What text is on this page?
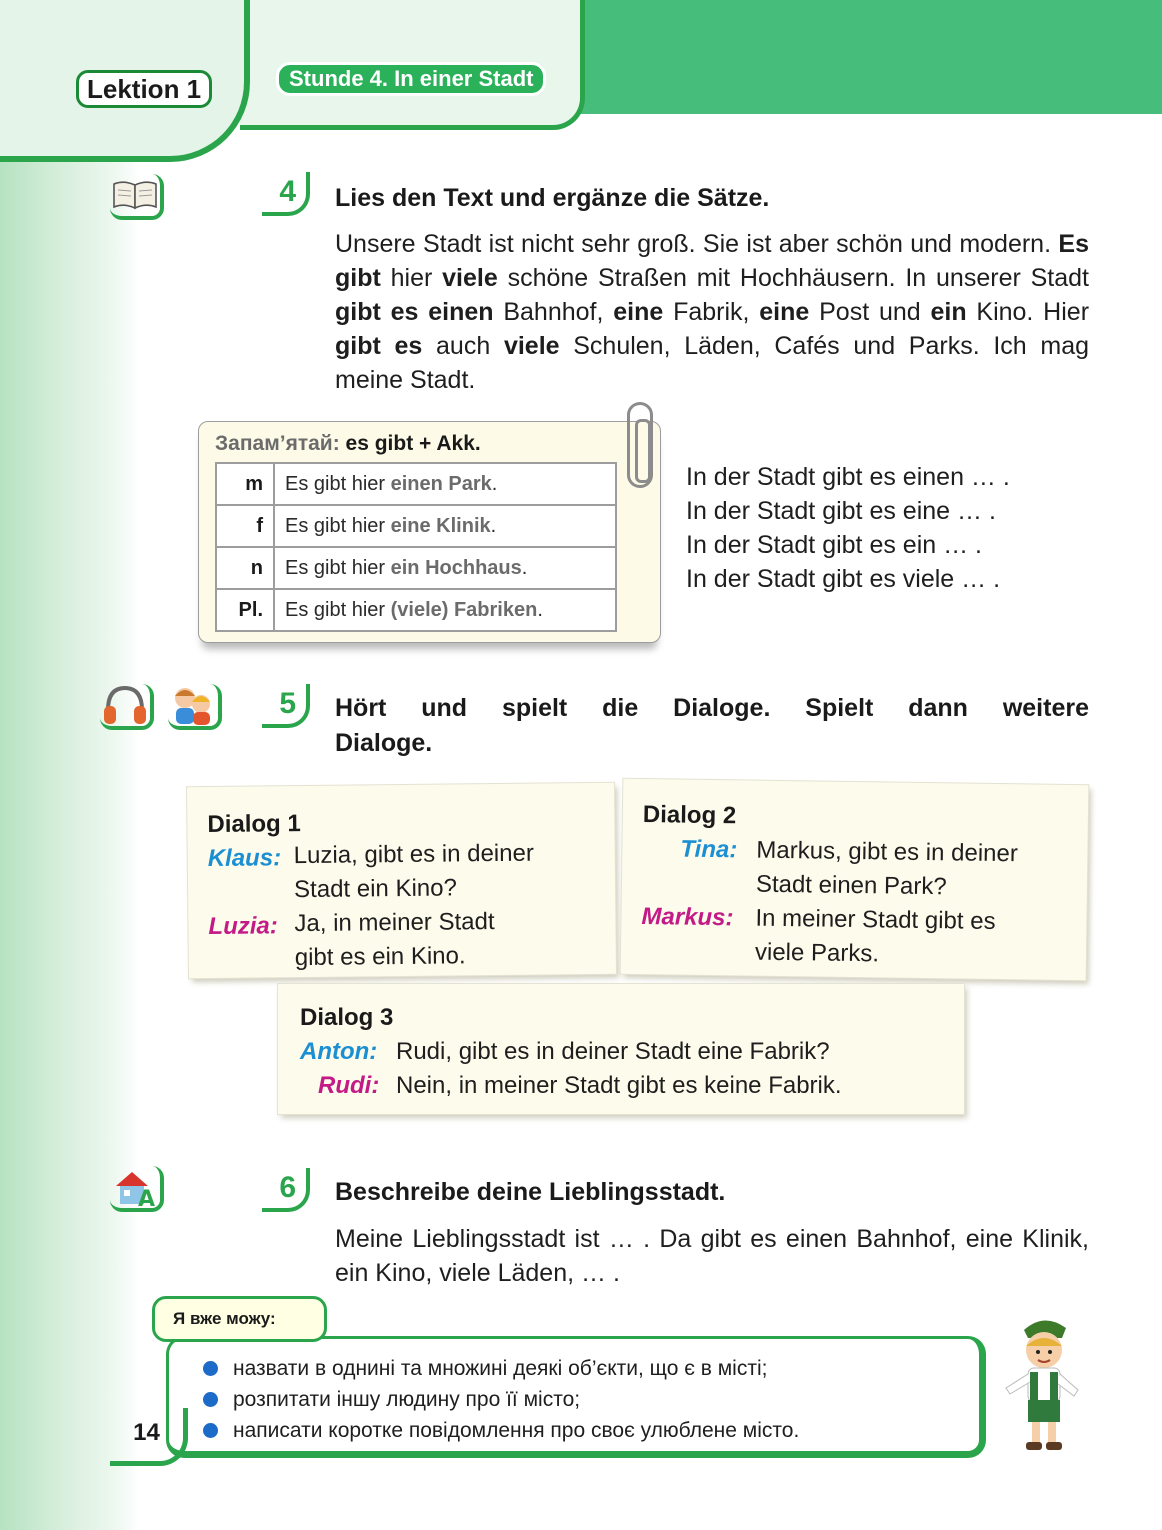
Lektion 1	Stunde 4. In einer Stadt
4	Lies den Text und ergänze die Sätze.
Unsere Stadt ist nicht sehr groß. Sie ist aber schön und modern. Es gibt hier viele schöne Straßen mit Hochhäusern. In unserer Stadt gibt es einen Bahnhof, eine Fabrik, eine Post und ein Kino. Hier gibt es auch viele Schulen, Läden, Cafés und Parks. Ich mag meine Stadt.
Запам’ятай: es gibt + Akk.
m	Es gibt hier einen Park.
f	Es gibt hier eine Klinik.
n	Es gibt hier ein Hochhaus.
Pl.	Es gibt hier (viele) Fabriken.
In der Stadt gibt es einen … .
In der Stadt gibt es eine … .
In der Stadt gibt es ein … .
In der Stadt gibt es viele … .
5	Hört und spielt die Dialoge. Spielt dann weitere
Dialoge.
Dialog 1
Klaus: Luzia, gibt es in deiner
Stadt ein Kino?
Luzia: Ja, in meiner Stadt
gibt es ein Kino.
Dialog 2
Tina: Markus, gibt es in deiner
Stadt einen Park?
Markus: In meiner Stadt gibt es
viele Parks.
Dialog 3
Anton: Rudi, gibt es in deiner Stadt eine Fabrik?
Rudi: Nein, in meiner Stadt gibt es keine Fabrik.
A	6	Beschreibe deine Lieblingsstadt.
Meine Lieblingsstadt ist … . Da gibt es einen Bahnhof, eine Klinik, ein Kino, viele Läden, … .
назвати в однині та множині деякі об’єкти, що є в місті;
розпитати іншу людину про її місто;
написати коротке повідомлення про своє улюблене місто.
Я вже можу:
14
